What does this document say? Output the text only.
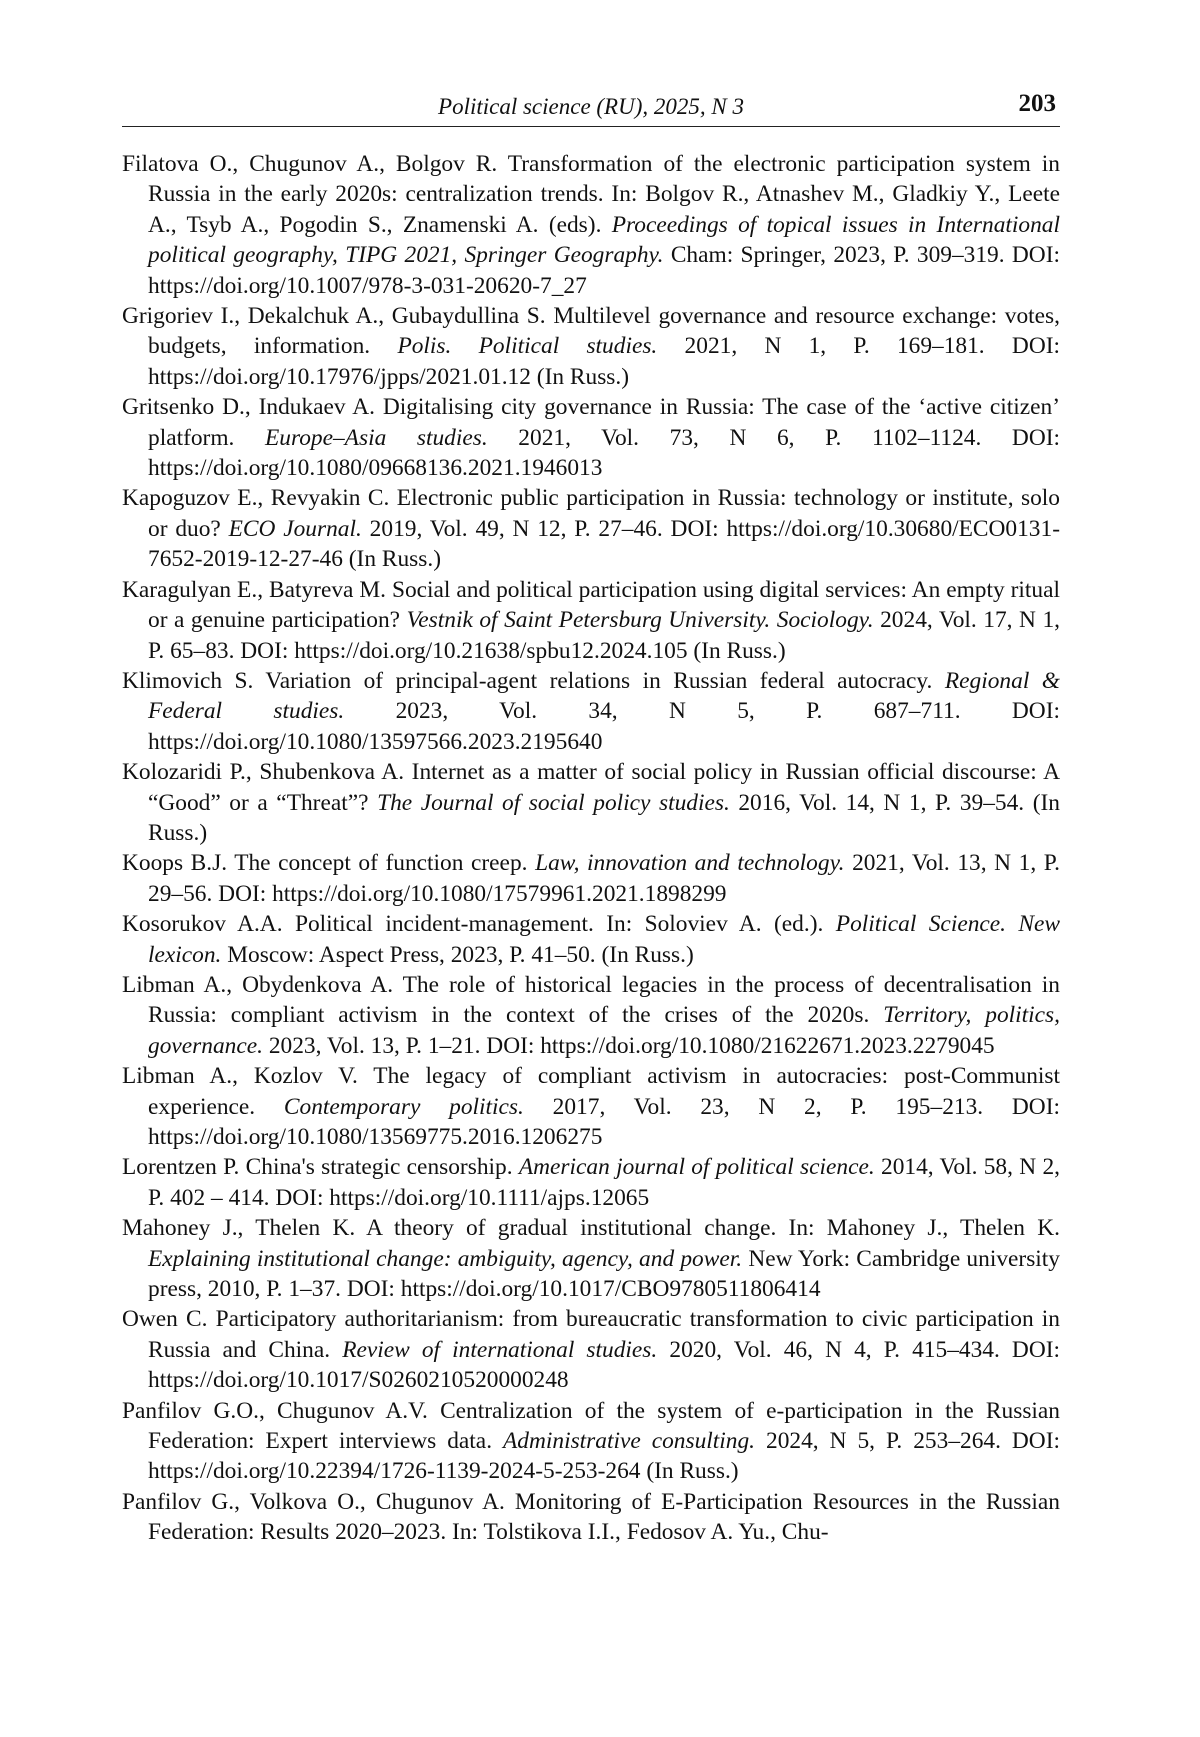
Political science (RU), 2025, N 3	203

Filatova O., Chugunov A., Bolgov R. Transformation of the electronic participation system in Russia in the early 2020s: centralization trends. In: Bolgov R., Atnashev M., Gladkiy Y., Leete A., Tsyb A., Pogodin S., Znamenski A. (eds). Proceedings of topical issues in International political geography, TIPG 2021, Springer Geography. Cham: Springer, 2023, P. 309–319. DOI: https://doi.org/10.1007/978-3-031-20620-7_27

Grigoriev I., Dekalchuk A., Gubaydullina S. Multilevel governance and resource exchange: votes, budgets, information. Polis. Political studies. 2021, N 1, P. 169–181. DOI: https://doi.org/10.17976/jpps/2021.01.12 (In Russ.)

Gritsenko D., Indukaev A. Digitalising city governance in Russia: The case of the ‘active citizen’ platform. Europe–Asia studies. 2021, Vol. 73, N 6, P. 1102–1124. DOI: https://doi.org/10.1080/09668136.2021.1946013

Kapoguzov E., Revyakin C. Electronic public participation in Russia: technology or institute, solo or duo? ECO Journal. 2019, Vol. 49, N 12, P. 27–46. DOI: https://doi.org/10.30680/ECO0131-7652-2019-12-27-46 (In Russ.)

Karagulyan E., Batyreva M. Social and political participation using digital services: An empty ritual or a genuine participation? Vestnik of Saint Petersburg University. Sociology. 2024, Vol. 17, N 1, P. 65–83. DOI: https://doi.org/10.21638/spbu12.2024.105 (In Russ.)

Klimovich S. Variation of principal-agent relations in Russian federal autocracy. Regional & Federal studies. 2023, Vol. 34, N 5, P. 687–711. DOI: https://doi.org/10.1080/13597566.2023.2195640

Kolozaridi P., Shubenkova A. Internet as a matter of social policy in Russian official discourse: A “Good” or a “Threat”? The Journal of social policy studies. 2016, Vol. 14, N 1, P. 39–54. (In Russ.)

Koops B.J. The concept of function creep. Law, innovation and technology. 2021, Vol. 13, N 1, P. 29–56. DOI: https://doi.org/10.1080/17579961.2021.1898299

Kosorukov A.A. Political incident-management. In: Soloviev A. (ed.). Political Science. New lexicon. Moscow: Aspect Press, 2023, P. 41–50. (In Russ.)

Libman A., Obydenkova A. The role of historical legacies in the process of decentralisation in Russia: compliant activism in the context of the crises of the 2020s. Territory, politics, governance. 2023, Vol. 13, P. 1–21. DOI: https://doi.org/10.1080/21622671.2023.2279045

Libman A., Kozlov V. The legacy of compliant activism in autocracies: post-Communist experience. Contemporary politics. 2017, Vol. 23, N 2, P. 195–213. DOI: https://doi.org/10.1080/13569775.2016.1206275

Lorentzen P. China's strategic censorship. American journal of political science. 2014, Vol. 58, N 2, P. 402 – 414. DOI: https://doi.org/10.1111/ajps.12065

Mahoney J., Thelen K. A theory of gradual institutional change. In: Mahoney J., Thelen K. Explaining institutional change: ambiguity, agency, and power. New York: Cambridge university press, 2010, P. 1–37. DOI: https://doi.org/10.1017/CBO9780511806414

Owen C. Participatory authoritarianism: from bureaucratic transformation to civic participation in Russia and China. Review of international studies. 2020, Vol. 46, N 4, P. 415–434. DOI: https://doi.org/10.1017/S0260210520000248

Panfilov G.O., Chugunov A.V. Centralization of the system of e-participation in the Russian Federation: Expert interviews data. Administrative consulting. 2024, N 5, P. 253–264. DOI: https://doi.org/10.22394/1726-1139-2024-5-253-264 (In Russ.)

Panfilov G., Volkova O., Chugunov A. Monitoring of E-Participation Resources in the Russian Federation: Results 2020–2023. In: Tolstikova I.I., Fedosov A. Yu., Chu-
